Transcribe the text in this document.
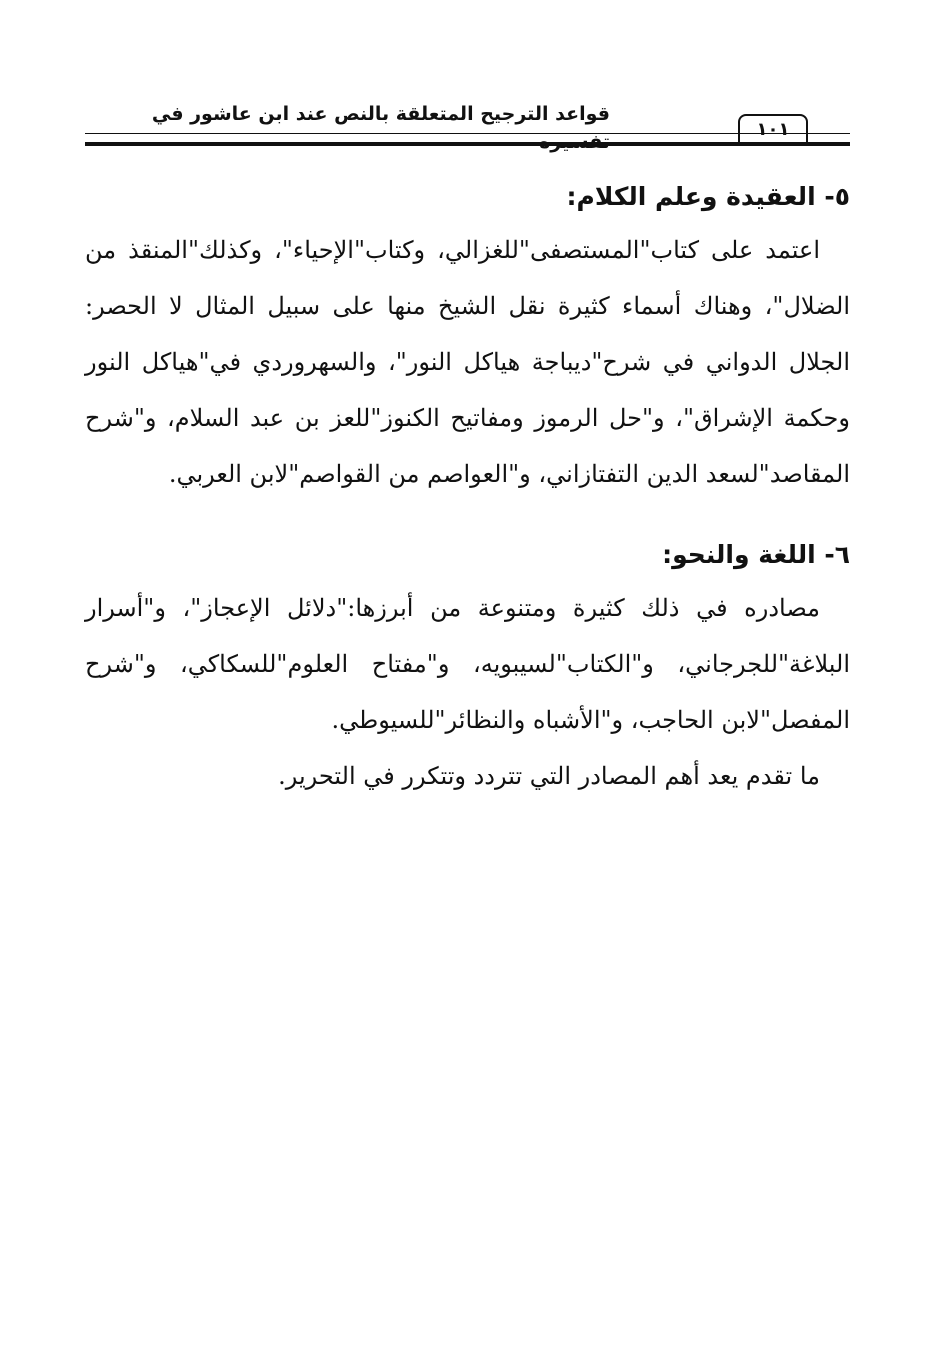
قواعد الترجيح المتعلقة بالنص عند ابن عاشور في تفسيره
١٠١
٥- العقيدة وعلم الكلام:

اعتمد على كتاب"المستصفى"للغزالي، وكتاب"الإحياء"، وكذلك"المنقذ من الضلال"، وهناك أسماء كثيرة نقل الشيخ منها على سبيل المثال لا الحصر: الجلال الدواني في شرح"ديباجة هياكل النور"، والسهروردي في"هياكل النور وحكمة الإشراق"، و"حل الرموز ومفاتيح الكنوز"للعز بن عبد السلام، و"شرح المقاصد"لسعد الدين التفتازاني، و"العواصم من القواصم"لابن العربي.

٦- اللغة والنحو:

مصادره في ذلك كثيرة ومتنوعة من أبرزها:"دلائل الإعجاز"، و"أسرار البلاغة"للجرجاني، و"الكتاب"لسيبويه، و"مفتاح العلوم"للسكاكي، و"شرح المفصل"لابن الحاجب، و"الأشباه والنظائر"للسيوطي.

ما تقدم يعد أهم المصادر التي تتردد وتتكرر في التحرير.
